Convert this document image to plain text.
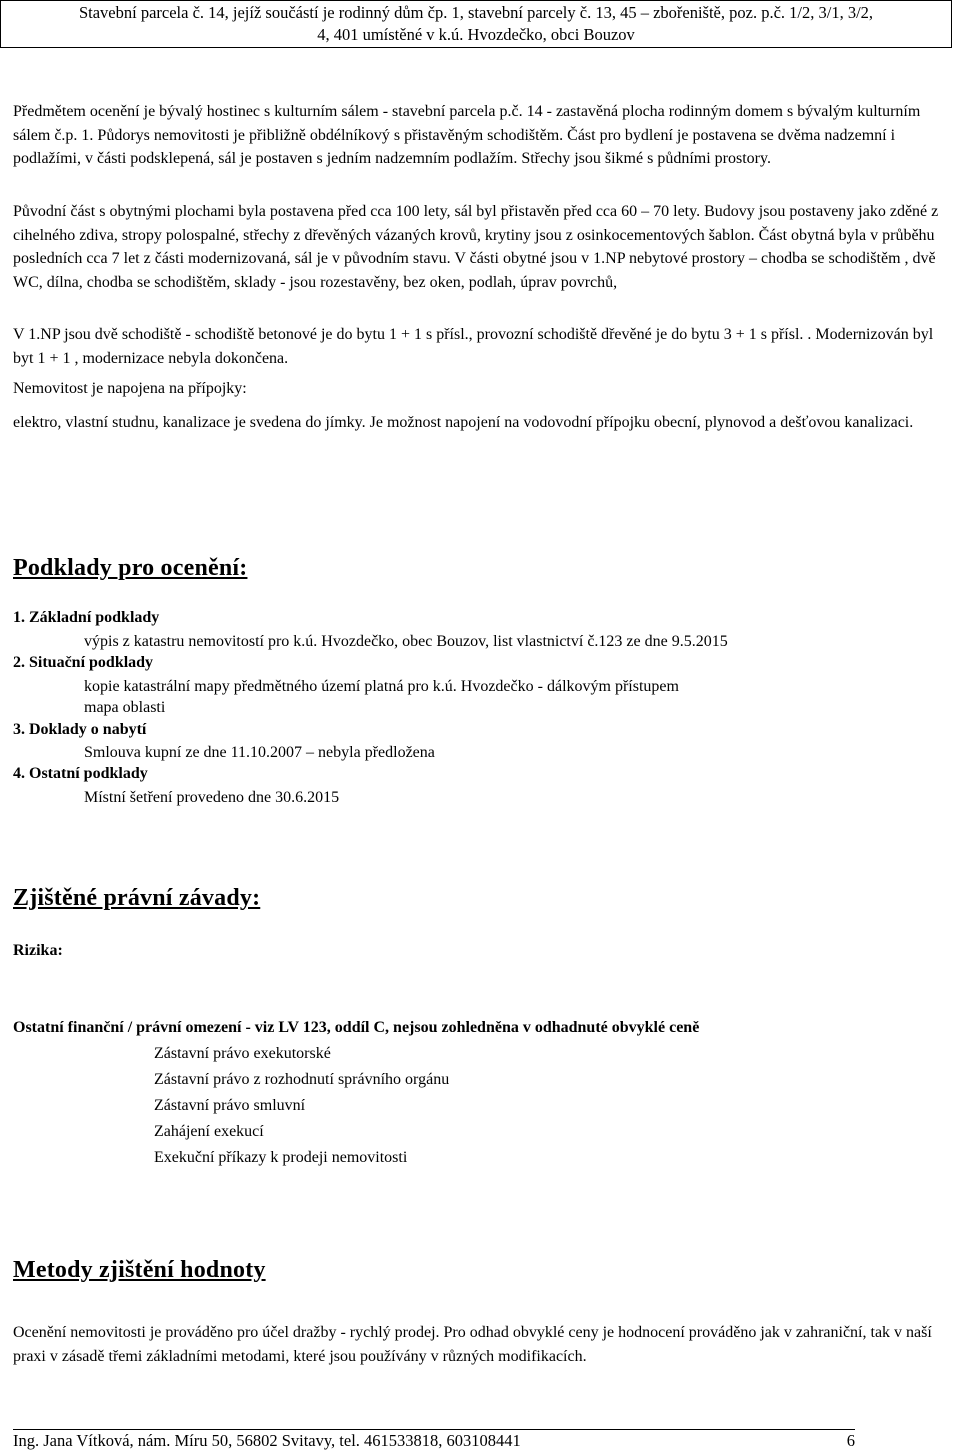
Stavební parcela č. 14, jejíž součástí je rodinný dům čp. 1, stavební parcely č. 13, 45 – zbořeniště, poz. p.č. 1/2, 3/1, 3/2,
4, 401 umístěné v k.ú. Hvozdečko, obci Bouzov
Předmětem ocenění je bývalý hostinec s kulturním sálem - stavební parcela p.č. 14 - zastavěná plocha rodinným domem s bývalým kulturním sálem č.p. 1. Půdorys nemovitosti je přibližně obdélníkový s přistavěným schodištěm. Část pro bydlení je postavena se dvěma nadzemní i podlažími, v části podsklepená, sál je postaven s jedním nadzemním podlažím. Střechy jsou šikmé s půdními prostory.
Původní část s obytnými plochami byla postavena před cca 100 lety, sál byl přistavěn před cca 60 – 70 lety. Budovy jsou postaveny jako zděné z cihelného zdiva, stropy polospalné, střechy z dřevěných vázaných krovů, krytiny jsou z osinkocementových šablon. Část obytná byla v průběhu posledních cca 7 let z části modernizovaná, sál je v původním stavu. V části obytné jsou v 1.NP nebytové prostory – chodba se schodištěm , dvě WC, dílna, chodba se schodištěm, sklady - jsou rozestavěny, bez oken, podlah, úprav povrchů,
V 1.NP jsou dvě schodiště - schodiště betonové je do bytu 1 + 1 s přísl., provozní schodiště dřevěné je do bytu 3 + 1 s přísl. . Modernizován byl byt 1 + 1 , modernizace nebyla dokončena.
Nemovitost je napojena na přípojky:
elektro, vlastní studnu, kanalizace je svedena do jímky. Je možnost napojení na vodovodní přípojku obecní, plynovod a dešťovou kanalizaci.
Podklady pro ocenění:
1. Základní podklady
výpis z katastru nemovitostí pro k.ú. Hvozdečko, obec Bouzov, list vlastnictví č.123 ze dne 9.5.2015
2. Situační podklady
kopie katastrální mapy předmětného území platná pro k.ú. Hvozdečko - dálkovým přístupem
mapa oblasti
3. Doklady o nabytí
Smlouva kupní ze dne 11.10.2007 – nebyla předložena
4. Ostatní podklady
Místní šetření provedeno dne 30.6.2015
Zjištěné právní závady:
Rizika:
Ostatní finanční / právní omezení - viz LV 123, oddíl C, nejsou zohledněna v odhadnuté obvyklé ceně
Zástavní právo exekutorské
Zástavní právo z rozhodnutí správního orgánu
Zástavní právo smluvní
Zahájení exekucí
Exekuční příkazy k prodeji nemovitosti
Metody zjištění hodnoty
Ocenění nemovitosti je prováděno pro účel dražby - rychlý prodej. Pro odhad obvyklé ceny je hodnocení prováděno jak v zahraniční, tak v naší praxi v zásadě třemi základními metodami, které jsou používány v různých modifikacích.
Ing. Jana Vítková, nám. Míru 50, 56802 Svitavy, tel. 461533818, 603108441	6
